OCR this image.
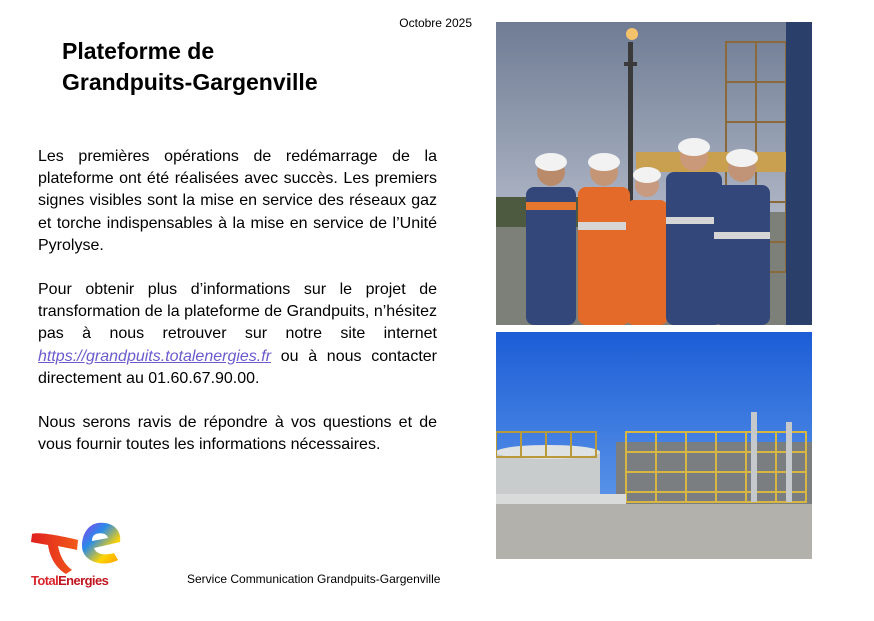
Octobre 2025
Plateforme de
Grandpuits-Gargenville

Les premières opérations de redémarrage de la plateforme ont été réalisées avec succès. Les premiers signes visibles sont la mise en service des réseaux gaz et torche indispensables à la mise en service de l’Unité Pyrolyse.

Pour obtenir plus d’informations sur le projet de transformation de la plateforme de Grandpuits, n’hésitez pas à nous retrouver sur notre site internet https://grandpuits.totalenergies.fr ou à nous contacter directement au 01.60.67.90.00.

Nous serons ravis de répondre à vos questions et de vous fournir toutes les informations nécessaires.

TotalEnergies	Service Communication Grandpuits-Gargenville
